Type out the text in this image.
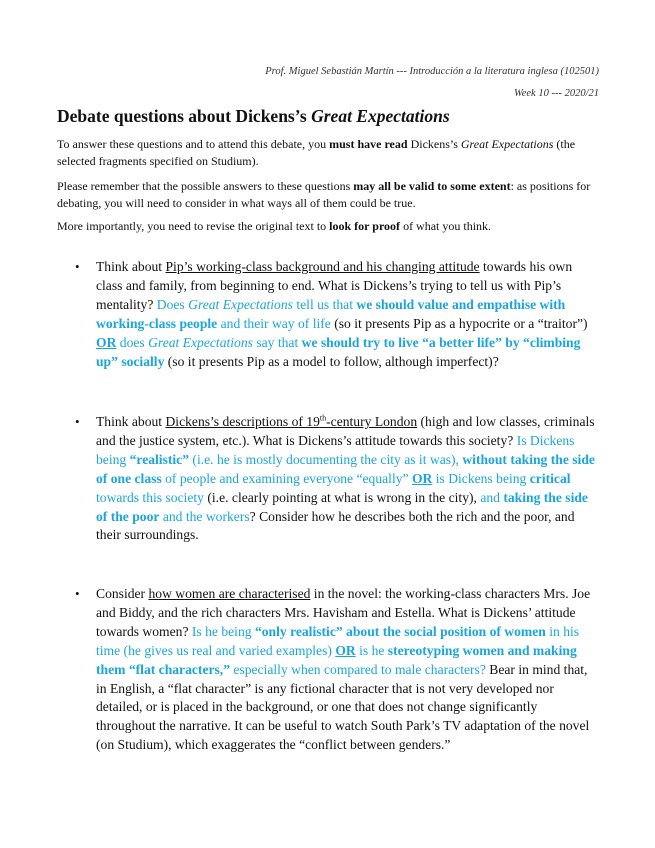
Prof. Miguel Sebastián Martín --- Introducción a la literatura inglesa (102501)
Week 10 --- 2020/21
Debate questions about Dickens’s Great Expectations
To answer these questions and to attend this debate, you must have read Dickens’s Great Expectations (the selected fragments specified on Studium).
Please remember that the possible answers to these questions may all be valid to some extent: as positions for debating, you will need to consider in what ways all of them could be true.
More importantly, you need to revise the original text to look for proof of what you think.
• Think about Pip’s working-class background and his changing attitude towards his own class and family, from beginning to end. What is Dickens’s trying to tell us with Pip’s mentality? Does Great Expectations tell us that we should value and empathise with working-class people and their way of life (so it presents Pip as a hypocrite or a “traitor”) OR does Great Expectations say that we should try to live “a better life” by “climbing up” socially (so it presents Pip as a model to follow, although imperfect)?
• Think about Dickens’s descriptions of 19th-century London (high and low classes, criminals and the justice system, etc.). What is Dickens’s attitude towards this society? Is Dickens being “realistic” (i.e. he is mostly documenting the city as it was), without taking the side of one class of people and examining everyone “equally” OR is Dickens being critical towards this society (i.e. clearly pointing at what is wrong in the city), and taking the side of the poor and the workers? Consider how he describes both the rich and the poor, and their surroundings.
• Consider how women are characterised in the novel: the working-class characters Mrs. Joe and Biddy, and the rich characters Mrs. Havisham and Estella. What is Dickens’ attitude towards women? Is he being “only realistic” about the social position of women in his time (he gives us real and varied examples) OR is he stereotyping women and making them “flat characters,” especially when compared to male characters? Bear in mind that, in English, a “flat character” is any fictional character that is not very developed nor detailed, or is placed in the background, or one that does not change significantly throughout the narrative. It can be useful to watch South Park’s TV adaptation of the novel (on Studium), which exaggerates the “conflict between genders.”
